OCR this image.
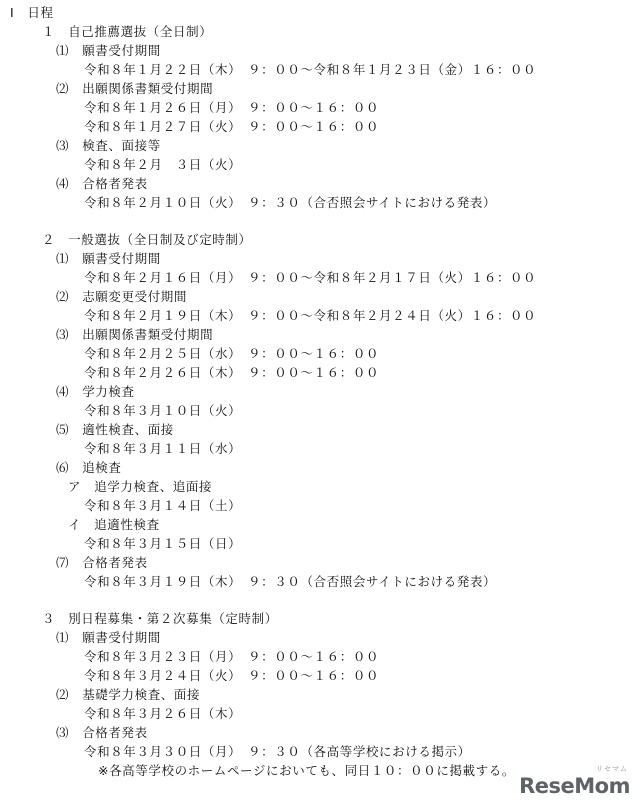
Ⅰ　日程
１　自己推薦選抜（全日制）
⑴　願書受付期間
令和８年１月２２日（木）　９：００～令和８年１月２３日（金）１６：００
⑵　出願関係書類受付期間
令和８年１月２６日（月）　９：００～１６：００
令和８年１月２７日（火）　９：００～１６：００
⑶　検査、面接等
令和８年２月　３日（火）
⑷　合格者発表
令和８年２月１０日（火）　９：３０（合否照会サイトにおける発表）
２　一般選抜（全日制及び定時制）
⑴　願書受付期間
令和８年２月１６日（月）　９：００～令和８年２月１７日（火）１６：００
⑵　志願変更受付期間
令和８年２月１９日（木）　９：００～令和８年２月２４日（火）１６：００
⑶　出願関係書類受付期間
令和８年２月２５日（水）　９：００～１６：００
令和８年２月２６日（木）　９：００～１６：００
⑷　学力検査
令和８年３月１０日（火）
⑸　適性検査、面接
令和８年３月１１日（水）
⑹　追検査
ア　追学力検査、追面接
令和８年３月１４日（土）
イ　追適性検査
令和８年３月１５日（日）
⑺　合格者発表
令和８年３月１９日（木）　９：３０（合否照会サイトにおける発表）
３　別日程募集・第２次募集（定時制）
⑴　願書受付期間
令和８年３月２３日（月）　９：００～１６：００
令和８年３月２４日（火）　９：００～１６：００
⑵　基礎学力検査、面接
令和８年３月２６日（木）
⑶　合格者発表
令和８年３月３０日（月）　９：３０（各高等学校における掲示）
※各高等学校のホームページにおいても、同日１０：００に掲載する。	リセマム
ReseMom
